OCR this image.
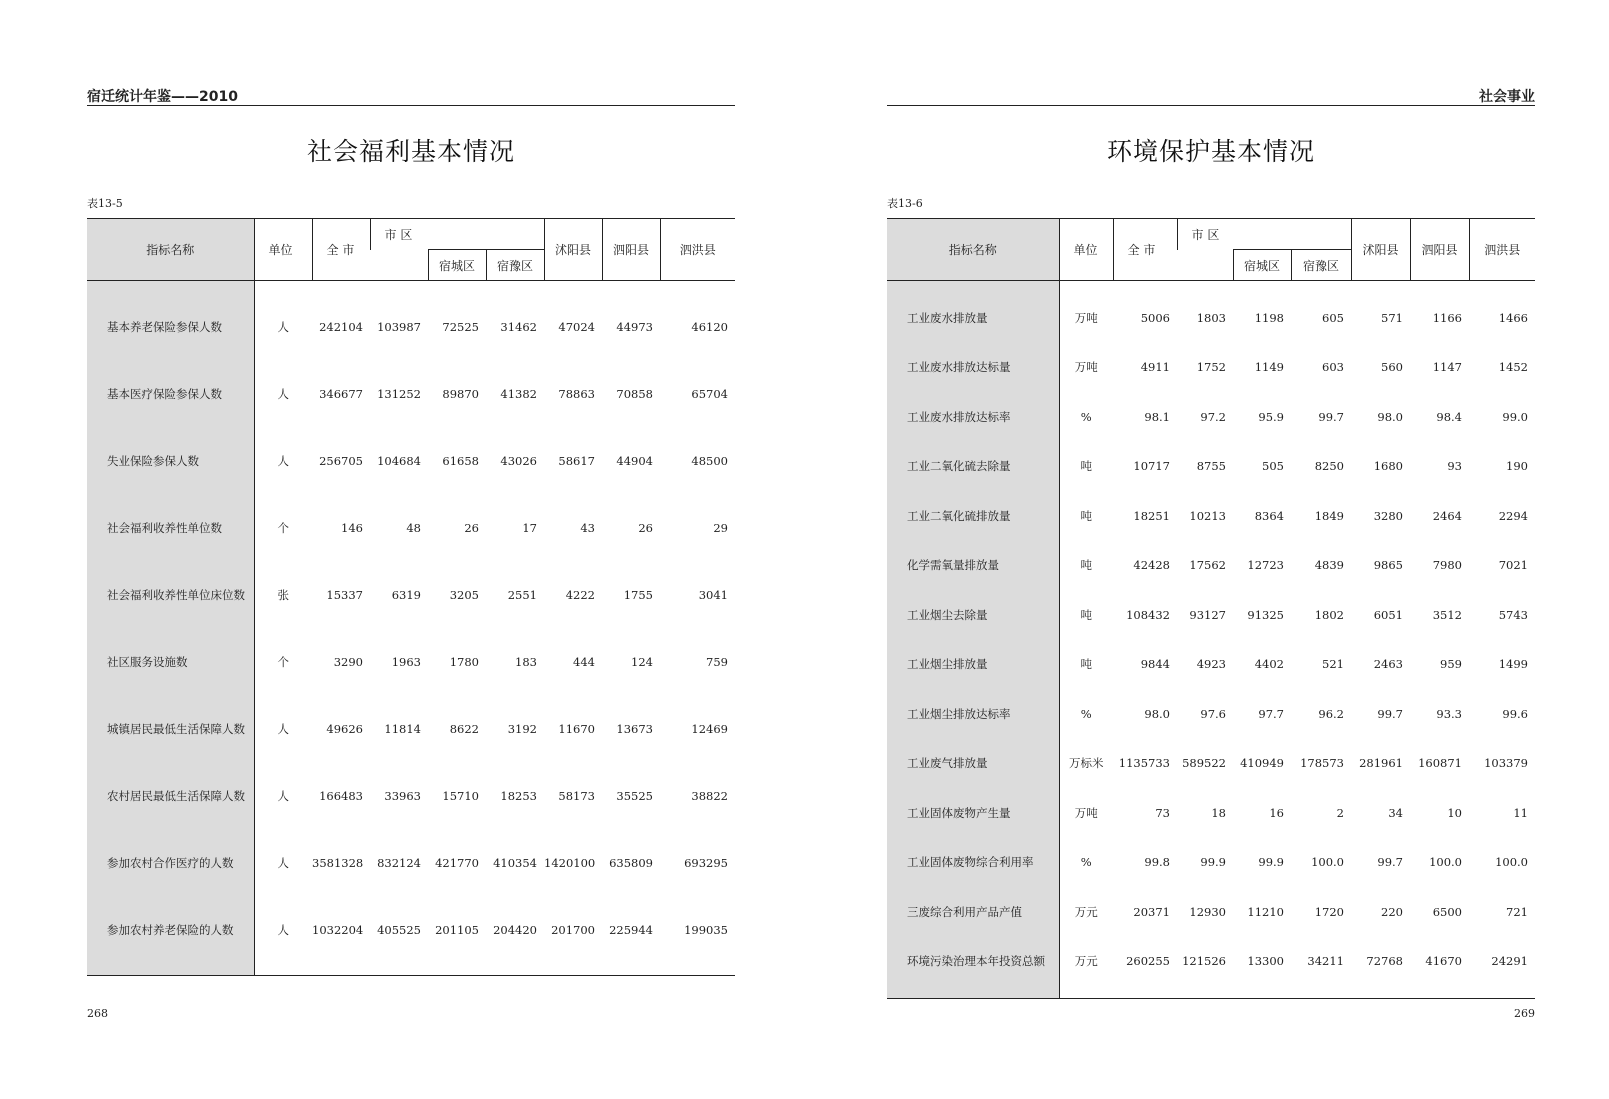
宿迁统计年鉴——2010
社会福利基本情况
表13-5
指标名称	单位	全 市	市 区			沭阳县	泗阳县	泗洪县
				宿城区	宿豫区			

基本养老保险参保人数	人	242104	103987	72525	31462	47024	44973	46120
基本医疗保险参保人数	人	346677	131252	89870	41382	78863	70858	65704
失业保险参保人数	人	256705	104684	61658	43026	58617	44904	48500
社会福利收养性单位数	个	146	48	26	17	43	26	29
社会福利收养性单位床位数	张	15337	6319	3205	2551	4222	1755	3041
社区服务设施数	个	3290	1963	1780	183	444	124	759
城镇居民最低生活保障人数	人	49626	11814	8622	3192	11670	13673	12469
农村居民最低生活保障人数	人	166483	33963	15710	18253	58173	35525	38822
参加农村合作医疗的人数	人	3581328	832124	421770	410354	1420100	635809	693295
参加农村养老保险的人数	人	1032204	405525	201105	204420	201700	225944	199035

268
社会事业
环境保护基本情况
表13-6
指标名称	单位	全 市	市 区			沭阳县	泗阳县	泗洪县
				宿城区	宿豫区			

工业废水排放量	万吨	5006	1803	1198	605	571	1166	1466
工业废水排放达标量	万吨	4911	1752	1149	603	560	1147	1452
工业废水排放达标率	%	98.1	97.2	95.9	99.7	98.0	98.4	99.0
工业二氧化硫去除量	吨	10717	8755	505	8250	1680	93	190
工业二氧化硫排放量	吨	18251	10213	8364	1849	3280	2464	2294
化学需氧量排放量	吨	42428	17562	12723	4839	9865	7980	7021
工业烟尘去除量	吨	108432	93127	91325	1802	6051	3512	5743
工业烟尘排放量	吨	9844	4923	4402	521	2463	959	1499
工业烟尘排放达标率	%	98.0	97.6	97.7	96.2	99.7	93.3	99.6
工业废气排放量	万标米	1135733	589522	410949	178573	281961	160871	103379
工业固体废物产生量	万吨	73	18	16	2	34	10	11
工业固体废物综合利用率	%	99.8	99.9	99.9	100.0	99.7	100.0	100.0
三废综合利用产品产值	万元	20371	12930	11210	1720	220	6500	721
环境污染治理本年投资总额	万元	260255	121526	13300	34211	72768	41670	24291

269
